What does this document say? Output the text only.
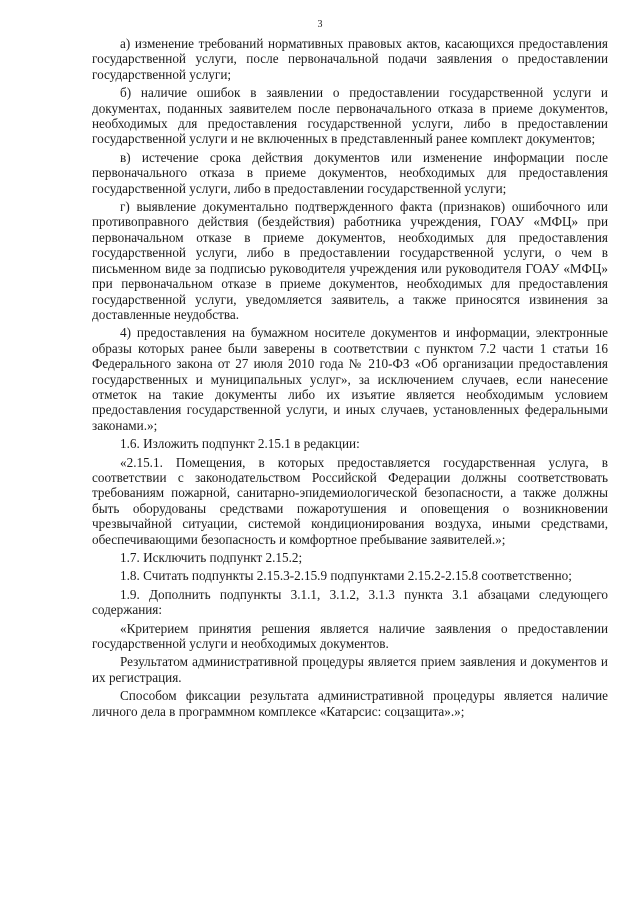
3

а) изменение требований нормативных правовых актов, касающихся предоставления государственной услуги, после первоначальной подачи заявления о предоставлении государственной услуги;

б) наличие ошибок в заявлении о предоставлении государственной услуги и документах, поданных заявителем после первоначального отказа в приеме документов, необходимых для предоставления государственной услуги, либо в предоставлении государственной услуги и не включенных в представленный ранее комплект документов;

в) истечение срока действия документов или изменение информации после первоначального отказа в приеме документов, необходимых для предоставления государственной услуги, либо в предоставлении государственной услуги;

г) выявление документально подтвержденного факта (признаков) ошибочного или противоправного действия (бездействия) работника учреждения, ГОАУ «МФЦ» при первоначальном отказе в приеме документов, необходимых для предоставления государственной услуги, либо в предоставлении государственной услуги, о чем в письменном виде за подписью руководителя учреждения или руководителя ГОАУ «МФЦ» при первоначальном отказе в приеме документов, необходимых для предоставления государственной услуги, уведомляется заявитель, а также приносятся извинения за доставленные неудобства.

4) предоставления на бумажном носителе документов и информации, электронные образы которых ранее были заверены в соответствии с пунктом 7.2 части 1 статьи 16 Федерального закона от 27 июля 2010 года № 210-ФЗ «Об организации предоставления государственных и муниципальных услуг», за исключением случаев, если нанесение отметок на такие документы либо их изъятие является необходимым условием предоставления государственной услуги, и иных случаев, установленных федеральными законами.»;

1.6. Изложить подпункт 2.15.1 в редакции:

«2.15.1. Помещения, в которых предоставляется государственная услуга, в соответствии с законодательством Российской Федерации должны соответствовать требованиям пожарной, санитарно-эпидемиологической безопасности, а также должны быть оборудованы средствами пожаротушения и оповещения о возникновении чрезвычайной ситуации, системой кондиционирования воздуха, иными средствами, обеспечивающими безопасность и комфортное пребывание заявителей.»;

1.7. Исключить подпункт 2.15.2;

1.8. Считать подпункты 2.15.3-2.15.9 подпунктами 2.15.2-2.15.8 соответственно;

1.9. Дополнить подпункты 3.1.1, 3.1.2, 3.1.3 пункта 3.1 абзацами следующего содержания:

«Критерием принятия решения является наличие заявления о предоставлении государственной услуги и необходимых документов.

Результатом административной процедуры является прием заявления и документов и их регистрация.

Способом фиксации результата административной процедуры является наличие личного дела в программном комплексе «Катарсис: соцзащита».»;
